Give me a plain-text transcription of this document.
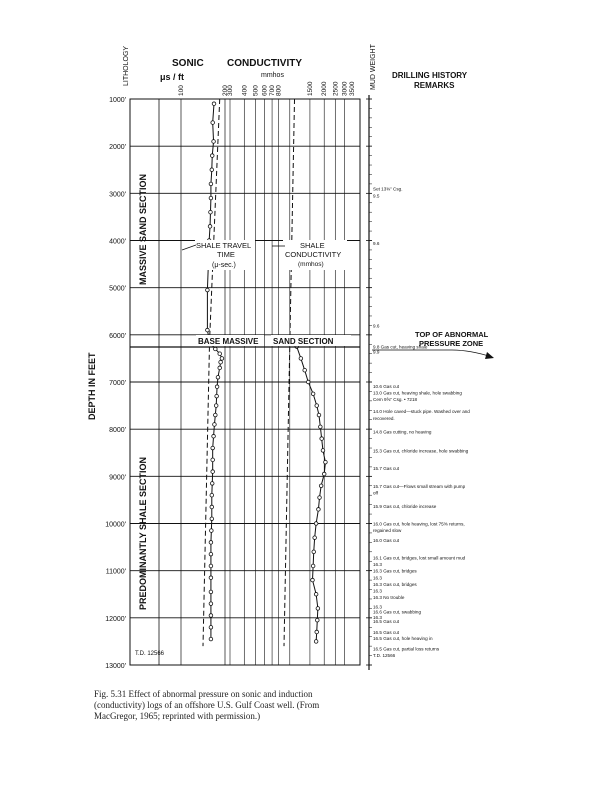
LITHOLOGY	SONIC
μs / ft
CONDUCTIVITY
mmhos	MUD WEIGHT DRILLING HISTORY
REMARKS
1000'
2000'
3000'
4000'
5000'
6000'
7000'
8000'
9000'
10000'
11000'
12000'
13000'
100	200
300 400 500 600 700 800	1500 2000 2500 3000 3500
DEPTH IN FEET
MASSIVE SAND SECTION
PREDOMINANTLY SHALE SECTION
T.D. 12566
SHALE TRAVEL
TIME
(μ-sec.)
SHALE
CONDUCTIVITY
(mmhos)
BASE MASSIVE SAND SECTION
TOP OF ABNORMAL
PRESSURE ZONE
Set 13⅜" Csg.
9.5
9.6
9.6
9.8 Gas cut, heaving shale
9.9
10.6 Gas cut
13.0 Gas cut, heaving shale, hole swabbing
Cem 9⅝" Csg. • 7218
14.0 Hole caved—stuck pipe. Washed over and
recovered.
14.8 Gas cutting, no heaving
15.3 Gas cut, chloride increase, hole swabbing
15.7 Gas cut
15.7 Gas cut—Flows small stream with pump
off
15.9 Gas cut, chloride increase
16.0 Gas cut, hole heaving, lost 75% returns,
regained slow
16.0 Gas cut
16.1 Gas cut, bridges, lost small amount mud
16.3
16.3 Gas cut, bridges
16.3
16.3 Gas cut, bridges
16.3
16.3 No trouble
16.3
16.6 Gas cut, swabbing
16.3
16.5 Gas cut
16.5 Gas cut
16.5 Gas cut, hole heaving in
16.5 Gas cut, partial loss returns
T.D. 12566
Fig. 5.31 Effect of abnormal pressure on sonic and induction (conductivity) logs of an offshore U.S. Gulf Coast well. (From MacGregor, 1965; reprinted with permission.)
